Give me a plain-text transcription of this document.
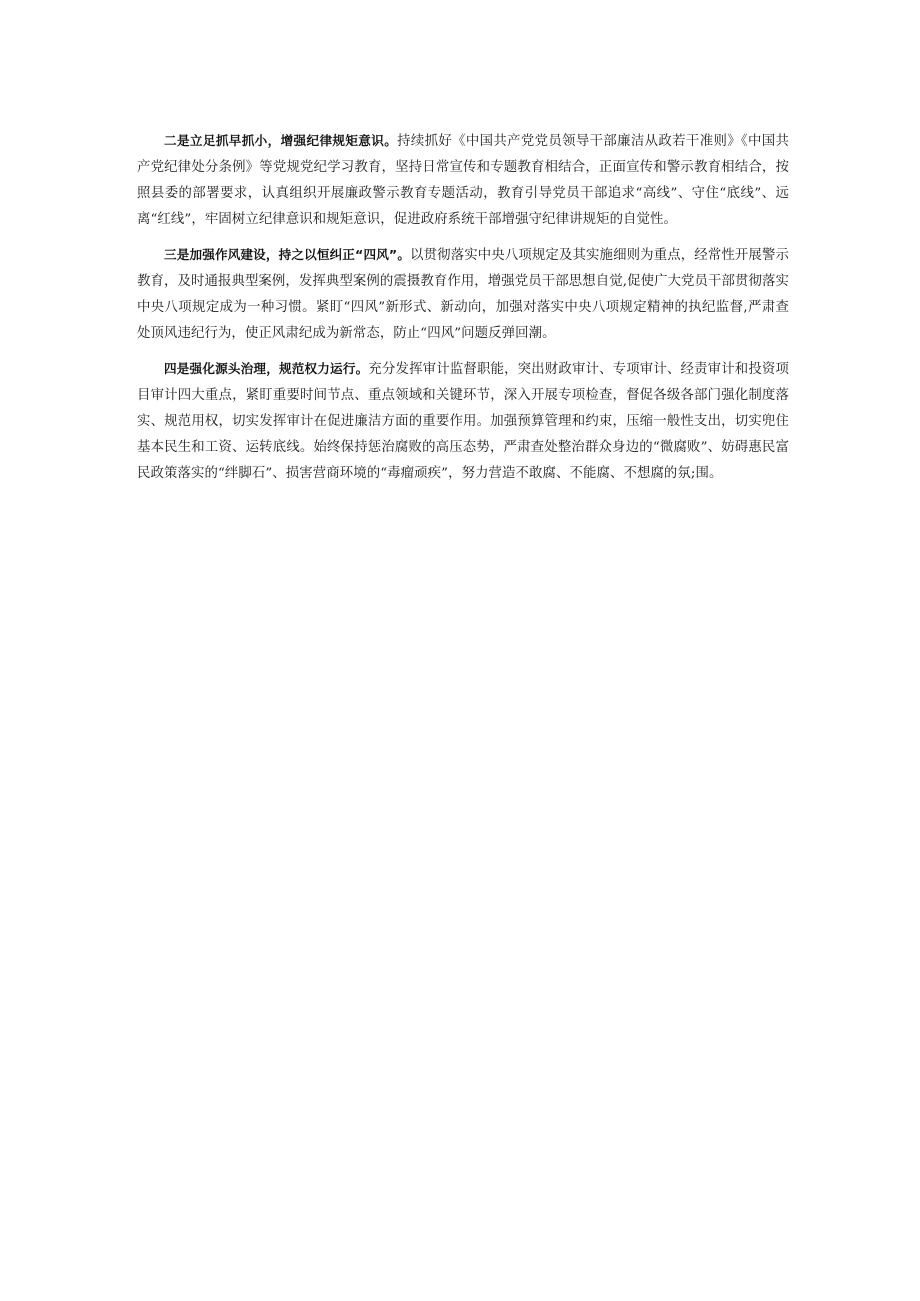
二是立足抓早抓小，增强纪律规矩意识。持续抓好《中国共产党党员领导干部廉洁从政若干准则》《中国共产党纪律处分条例》等党规党纪学习教育，坚持日常宣传和专题教育相结合，正面宣传和警示教育相结合，按照县委的部署要求，认真组织开展廉政警示教育专题活动，教育引导党员干部追求“高线”、守住“底线”、远离“红线”，牢固树立纪律意识和规矩意识，促进政府系统干部增强守纪律讲规矩的自觉性。

三是加强作风建设，持之以恒纠正“四风”。以贯彻落实中央八项规定及其实施细则为重点，经常性开展警示教育，及时通报典型案例，发挥典型案例的震摄教育作用，增强党员干部思想自觉,促使广大党员干部贯彻落实中央八项规定成为一种习惯。紧盯“四风”新形式、新动向，加强对落实中央八项规定精神的执纪监督,严肃查处顶风违纪行为，使正风肃纪成为新常态，防止“四风”问题反弹回潮。

四是强化源头治理，规范权力运行。充分发挥审计监督职能，突出财政审计、专项审计、经责审计和投资项目审计四大重点，紧盯重要时间节点、重点领域和关键环节，深入开展专项检查，督促各级各部门强化制度落实、规范用权，切实发挥审计在促进廉洁方面的重要作用。加强预算管理和约束，压缩一般性支出，切实兜住基本民生和工资、运转底线。始终保持惩治腐败的高压态势，严肃查处整治群众身边的“微腐败”、妨碍惠民富民政策落实的“绊脚石”、损害营商环境的“毒瘤顽疾”，努力营造不敢腐、不能腐、不想腐的氛;围。
